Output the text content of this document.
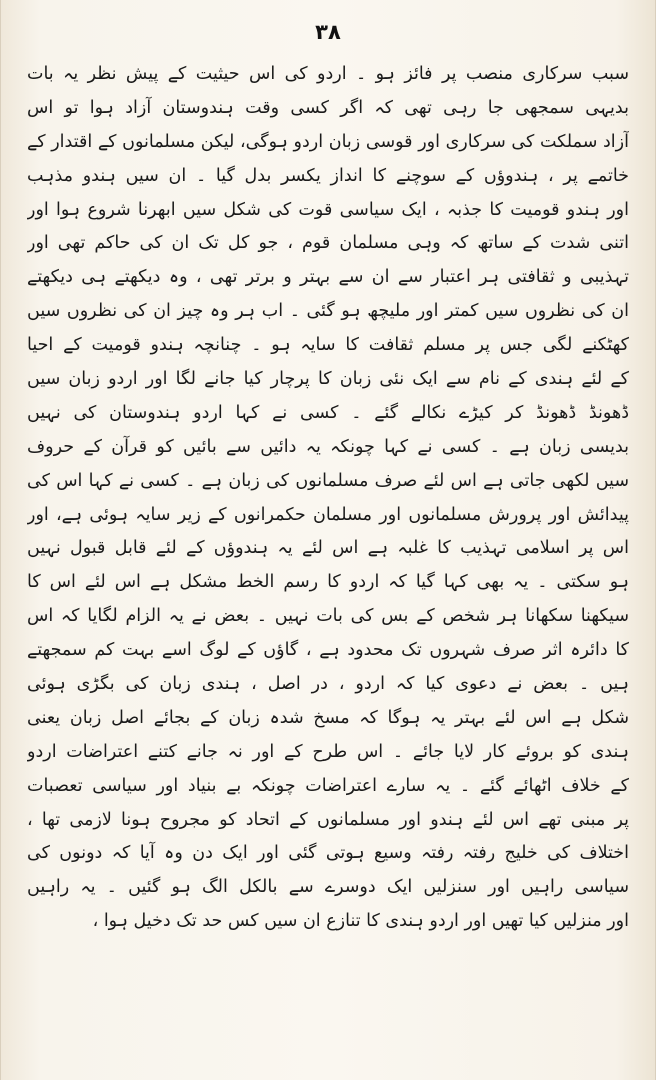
۳۸
سبب سرکاری منصب پر فائز ہو ۔ اردو کی اس حیثیت کے پیش نظر یہ بات
بدیہی سمجھی جا رہی تھی کہ اگر کسی وقت ہندوستان آزاد ہوا تو اس
آزاد سملکت کی سرکاری اور قوسی زبان اردو ہوگی، لیکن مسلمانوں کے اقتدار کے
خاتمے پر ، ہندوؤں کے سوچنے کا انداز یکسر بدل گیا ۔ ان سیں ہندو مذہب
اور ہندو قومیت کا جذبہ ، ایک سیاسی قوت کی شکل سیں ابھرنا شروع ہوا اور
اتنی شدت کے ساتھ کہ وہی مسلمان قوم ، جو کل تک ان کی حاکم تھی اور
تہذیبی و ثقافتی ہر اعتبار سے ان سے بہتر و برتر تھی ، وہ دیکھتے ہی دیکھتے
ان کی نظروں سیں کمتر اور ملیچھ ہو گئی ۔ اب ہر وہ چیز ان کی نظروں سیں
کھٹکنے لگی جس پر مسلم ثقافت کا سایہ ہو ۔ چنانچہ ہندو قومیت کے احیا
کے لئے ہندی کے نام سے ایک نئی زبان کا پرچار کیا جانے لگا اور اردو زبان سیں
ڈھونڈ ڈھونڈ کر کیڑے نکالے گئے ۔ کسی نے کہا اردو ہندوستان کی نہیں
بدیسی زبان ہے ۔ کسی نے کہا چونکہ یہ دائیں سے بائیں کو قرآن کے حروف
سیں لکھی جاتی ہے اس لئے صرف مسلمانوں کی زبان ہے ۔ کسی نے کہا اس کی
پیدائش اور پرورش مسلمانوں اور مسلمان حکمرانوں کے زیر سایہ ہوئی ہے، اور
اس پر اسلامی تہذیب کا غلبہ ہے اس لئے یہ ہندوؤں کے لئے قابل قبول نہیں
ہو سکتی ۔ یہ بھی کہا گیا کہ اردو کا رسم الخط مشکل ہے اس لئے اس کا
سیکھنا سکھانا ہر شخص کے بس کی بات نہیں ۔ بعض نے یہ الزام لگایا کہ اس
کا دائرہ اثر صرف شہروں تک محدود ہے ، گاؤں کے لوگ اسے بہت کم سمجھتے
ہیں ۔ بعض نے دعوی کیا کہ اردو ، در اصل ، ہندی زبان کی بگڑی ہوئی
شکل ہے اس لئے بہتر یہ ہوگا کہ مسخ شدہ زبان کے بجائے اصل زبان یعنی
ہندی کو بروئے کار لایا جائے ۔ اس طرح کے اور نہ جانے کتنے اعتراضات اردو
کے خلاف اٹھائے گئے ۔ یہ سارے اعتراضات چونکہ بے بنیاد اور سیاسی تعصبات
پر مبنی تھے اس لئے ہندو اور مسلمانوں کے اتحاد کو مجروح ہونا لازمی تھا ،
اختلاف کی خلیج رفتہ رفتہ وسیع ہوتی گئی اور ایک دن وہ آیا کہ دونوں کی
سیاسی راہیں اور سنزلیں ایک دوسرے سے بالکل الگ ہو گئیں ۔ یہ راہیں
اور منزلیں کیا تھیں اور اردو ہندی کا تنازع ان سیں کس حد تک دخیل ہوا ،
